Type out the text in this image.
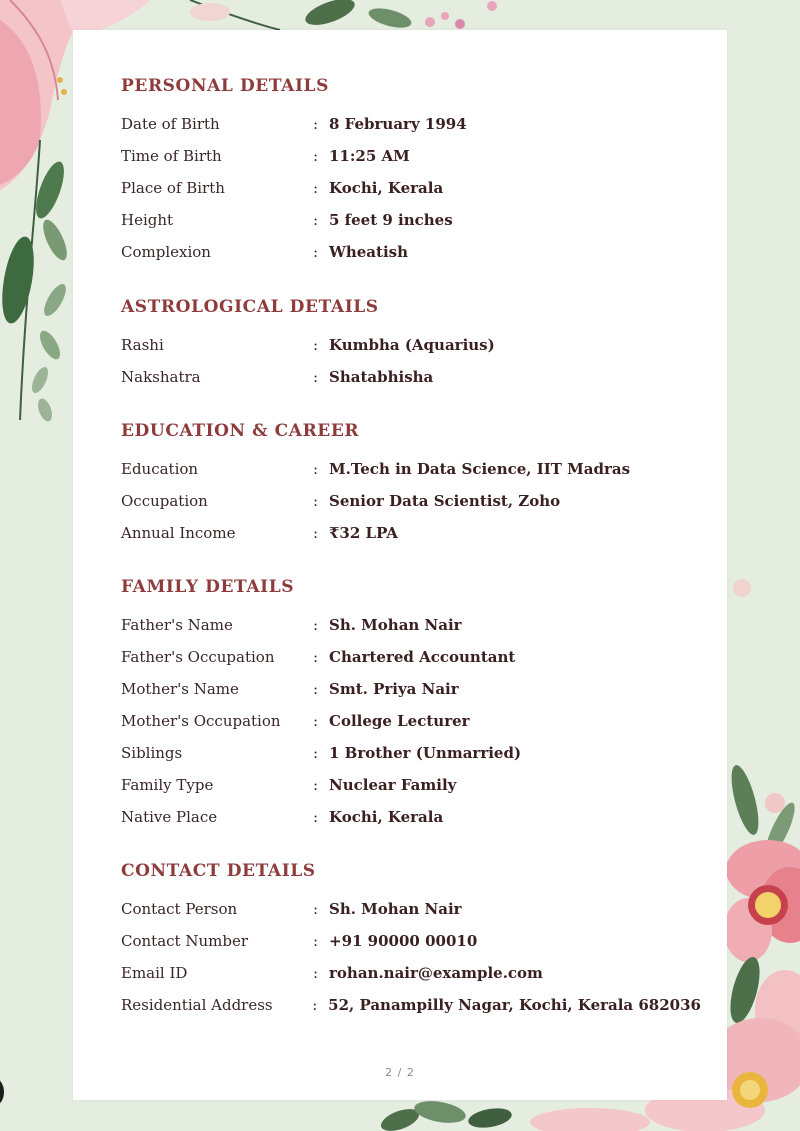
PERSONAL DETAILS
Date of Birth	: 8 February 1994
Time of Birth	: 11:25 AM
Place of Birth	: Kochi, Kerala
Height	: 5 feet 9 inches
Complexion	: Wheatish
ASTROLOGICAL DETAILS
Rashi	: Kumbha (Aquarius)
Nakshatra	: Shatabhisha
EDUCATION & CAREER
Education	: M.Tech in Data Science, IIT Madras
Occupation	: Senior Data Scientist, Zoho
Annual Income	: ₹32 LPA
FAMILY DETAILS
Father's Name	: Sh. Mohan Nair
Father's Occupation	: Chartered Accountant
Mother's Name	: Smt. Priya Nair
Mother's Occupation	: College Lecturer
Siblings	: 1 Brother (Unmarried)
Family Type	: Nuclear Family
Native Place	: Kochi, Kerala
CONTACT DETAILS
Contact Person	: Sh. Mohan Nair
Contact Number	: +91 90000 00010
Email ID	: rohan.nair@example.com
Residential Address	: 52, Panampilly Nagar, Kochi, Kerala 682036
2 / 2
